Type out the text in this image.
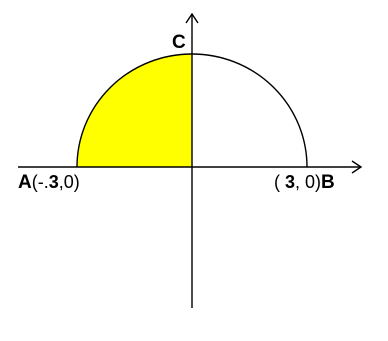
C
A(-.3,0)	( 3, 0)B
